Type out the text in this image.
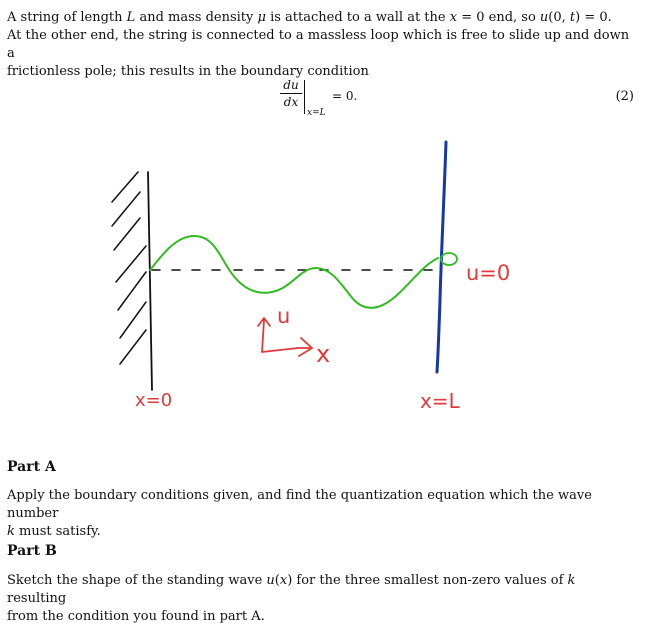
A string of length L and mass density μ is attached to a wall at the x = 0 end, so u(0, t) = 0.
At the other end, the string is connected to a massless loop which is free to slide up and down a
frictionless pole; this results in the boundary condition
du
dx
x=L
= 0.	(2)
u=0
u
x
x=0	x=L
Part A
Apply the boundary conditions given, and find the quantization equation which the wave number
k must satisfy.
Part B
Sketch the shape of the standing wave u(x) for the three smallest non-zero values of k resulting
from the condition you found in part A.
